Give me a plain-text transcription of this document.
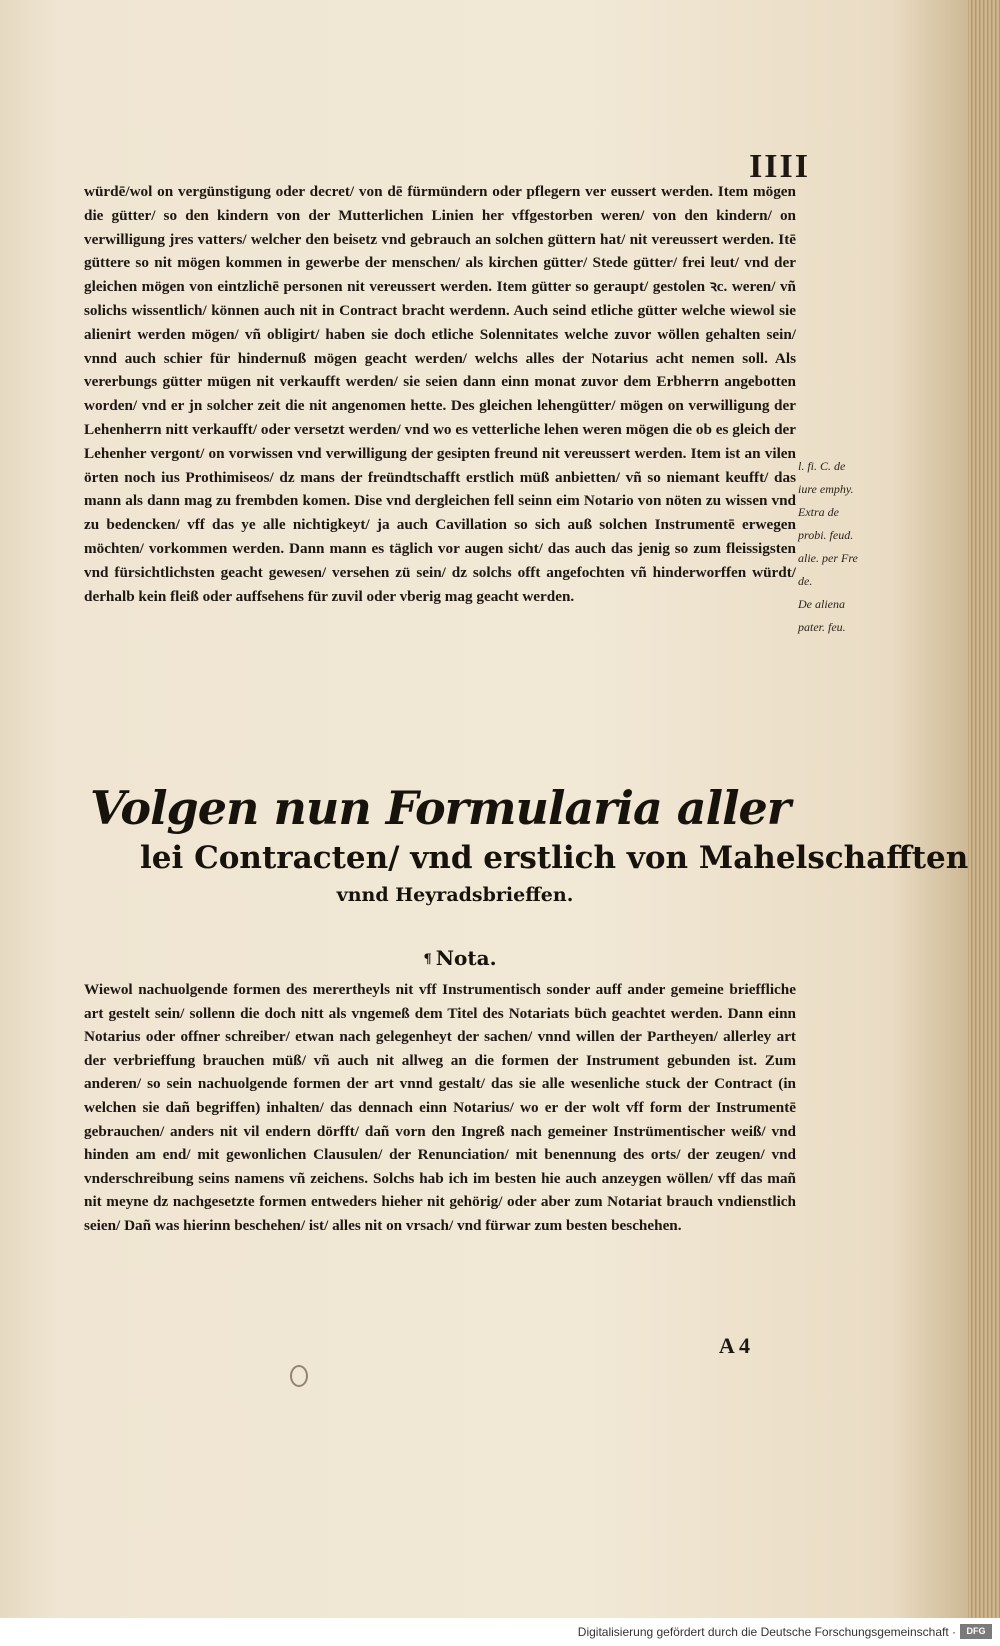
IIII

würdē/wol on vergünstigung oder decret/ von dē fürmündern oder pflegern ver eussert werden. Item mögen die gütter/ so den kindern von der Mutterlichen Linien her vffgestorben weren/ von den kindern/ on verwilligung jres vatters/ welcher den beisetz vnd gebrauch an solchen güttern hat/ nit vereussert werden. Itē güttere so nit mögen kommen in gewerbe der menschen/ als kirchen gütter/ Stede gütter/ frei leut/ vnd der gleichen mögen von eintzlichē personen nit vereussert werden. Item gütter so geraupt/ gestolen ꝛc. weren/ vñ solichs wissentlich/ können auch nit in Contract bracht werdenn. Auch seind etliche gütter welche wiewol sie alienirt werden mögen/ vñ obligirt/ haben sie doch etliche Solennitates welche zuvor wöllen gehalten sein/ vnnd auch schier für hindernuß mögen geacht werden/ welchs alles der Notarius acht nemen soll. Als vererbungs gütter mügen nit verkaufft werden/ sie seien dann einn monat zuvor dem Erbherrn angebotten worden/ vnd er jn solcher zeit die nit angenomen hette. Des gleichen lehengütter/ mögen on verwilligung der Lehenherrn nitt verkaufft/ oder versetzt werden/ vnd wo es vetterliche lehen weren mögen die ob es gleich der Lehenher vergont/ on vorwissen vnd verwilligung der gesipten freund nit vereussert werden. Item ist an vilen örten noch ius Prothimiseos/ dz mans der freündtschafft erstlich müß anbietten/ vñ so niemant keufft/ das mann als dann mag zu frembden komen. Dise vnd dergleichen fell seinn eim Notario von nöten zu wissen vnd zu bedencken/ vff das ye alle nichtigkeyt/ ja auch Cavillation so sich auß solchen Instrumentē erwegen möchten/ vorkommen werden. Dann mann es täglich vor augen sicht/ das auch das jenig so zum fleissigsten vnd fürsichtlichsten geacht gewesen/ versehen zü sein/ dz solchs offt angefochten vñ hinderworffen würdt/ derhalb kein fleiß oder auffsehens für zuvil oder vberig mag geacht werden.

l. fi. C. de
iure emphy.
Extra de
probi. feud.
alie. per Fre
de.
De aliena
pater. feu.

Volgen nun Formularia aller

lei Contracten/ vnd erstlich von Mahelschafften

vnnd Heyradsbrieffen.

¶ Nota.

Wiewol nachuolgende formen des merertheyls nit vff Instrumentisch sonder auff ander gemeine brieffliche art gestelt sein/ sollenn die doch nitt als vngemeß dem Titel des Notariats büch geachtet werden. Dann einn Notarius oder offner schreiber/ etwan nach gelegenheyt der sachen/ vnnd willen der Partheyen/ allerley art der verbrieffung brauchen müß/ vñ auch nit allweg an die formen der Instrument gebunden ist. Zum anderen/ so sein nachuolgende formen der art vnnd gestalt/ das sie alle wesenliche stuck der Contract (in welchen sie dañ begriffen) inhalten/ das dennach einn Notarius/ wo er der wolt vff form der Instrumentē gebrauchen/ anders nit vil endern dörfft/ dañ vorn den Ingreß nach gemeiner Instrümentischer weiß/ vnd hinden am end/ mit gewonlichen Clausulen/ der Renunciation/ mit benennung des orts/ der zeugen/ vnd vnderschreibung seins namens vñ zeichens. Solchs hab ich im besten hie auch anzeygen wöllen/ vff das mañ nit meyne dz nachgesetzte formen entweders hieher nit gehörig/ oder aber zum Notariat brauch vndienstlich seien/ Dañ was hierinn beschehen/ ist/ alles nit on vrsach/ vnd fürwar zum besten beschehen.

A 4
Digitalisierung gefördert durch die Deutsche Forschungsgemeinschaft ·	DFG
